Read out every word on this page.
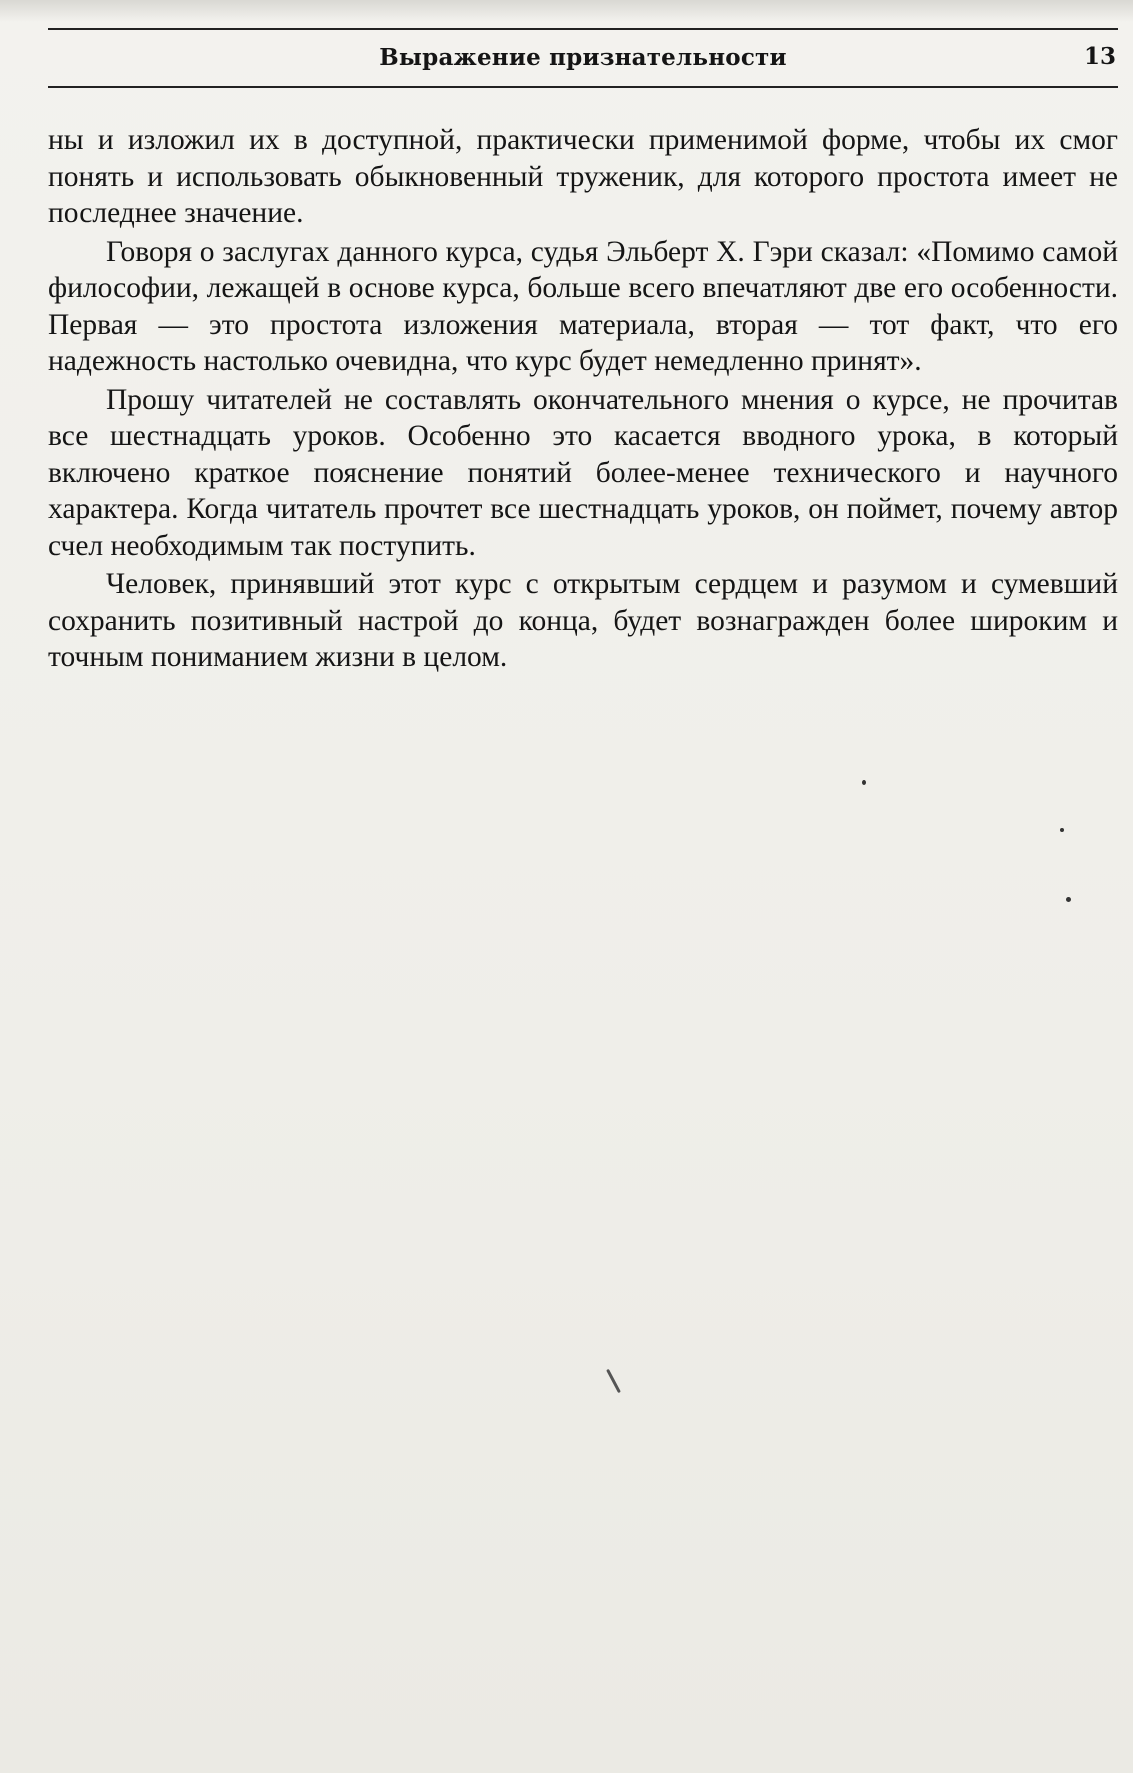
Выражение признательности	13

ны и изложил их в доступной, практически применимой форме, чтобы их смог понять и использовать обыкновенный труженик, для которого простота имеет не последнее значение.

Говоря о заслугах данного курса, судья Эльберт Х. Гэри сказал: «Помимо самой философии, лежащей в основе курса, больше всего впечатляют две его особенности. Первая — это простота изложения материала, вторая — тот факт, что его надежность настолько очевидна, что курс будет немедленно принят».

Прошу читателей не составлять окончательного мнения о курсе, не прочитав все шестнадцать уроков. Особенно это касается вводного урока, в который включено краткое пояснение понятий более-менее технического и научного характера. Когда читатель прочтет все шестнадцать уроков, он поймет, почему автор счел необходимым так поступить.

Человек, принявший этот курс с открытым сердцем и разумом и сумевший сохранить позитивный настрой до конца, будет вознагражден более широким и точным пониманием жизни в целом.
